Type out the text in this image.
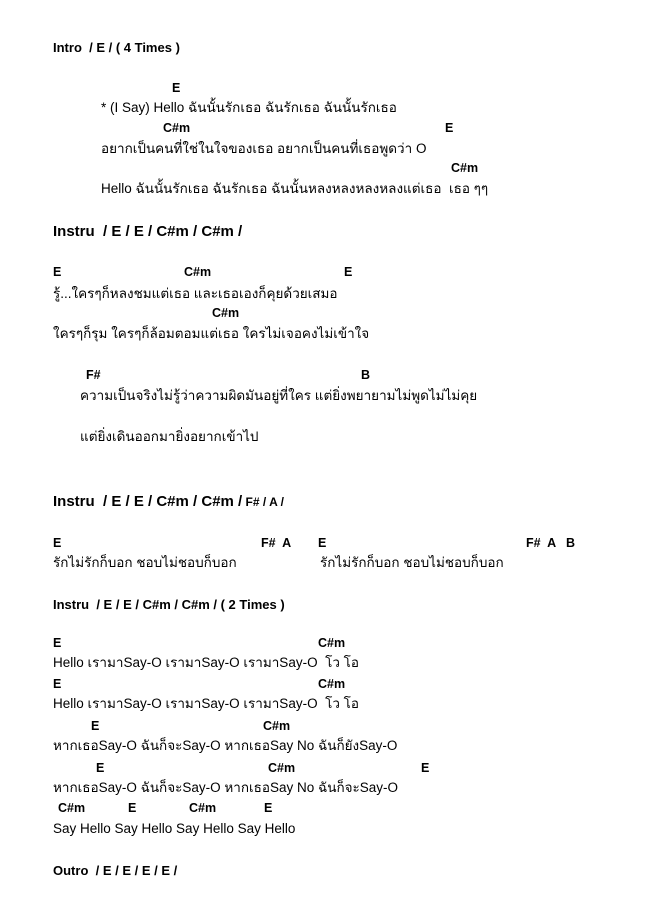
Intro  / E / ( 4 Times )
E
* (I Say) Hello ฉันนั้นรักเธอ ฉันรักเธอ ฉันนั้นรักเธอ
C#m	E
อยากเป็นคนที่ใช่ในใจของเธอ อยากเป็นคนที่เธอพูดว่า O
C#m
Hello ฉันนั้นรักเธอ ฉันรักเธอ ฉันนั้นหลงหลงหลงหลงแต่เธอ  เธอ ๆๆ
Instru  / E / E / C#m / C#m /
E	C#m	E
รู้...ใครๆก็หลงชมแต่เธอ และเธอเองก็คุยด้วยเสมอ
C#m
ใครๆก็รุม ใครๆก็ล้อมตอมแต่เธอ ใครไม่เจอคงไม่เข้าใจ
F#	B
ความเป็นจริงไม่รู้ว่าความผิดมันอยู่ที่ใคร แต่ยิ่งพยายามไม่พูดไม่ไม่คุย
แต่ยิ่งเดินออกมายิ่งอยากเข้าไป
Instru  / E / E / C#m / C#m / F# / A /
E	F#  A E	F#  A   B
รักไม่รักก็บอก ชอบไม่ชอบก็บอก	รักไม่รักก็บอก ชอบไม่ชอบก็บอก
Instru  / E / E / C#m / C#m / ( 2 Times )
E	C#m
Hello เรามาSay-O เรามาSay-O เรามาSay-O  โว โอ
E	C#m
Hello เรามาSay-O เรามาSay-O เรามาSay-O  โว โอ
E	C#m
หากเธอSay-O ฉันก็จะSay-O หากเธอSay No ฉันก็ยังSay-O
E	C#m	E
หากเธอSay-O ฉันก็จะSay-O หากเธอSay No ฉันก็จะSay-O
C#m	E	C#m	E
Say Hello Say Hello Say Hello Say Hello
Outro  / E / E / E / E /
